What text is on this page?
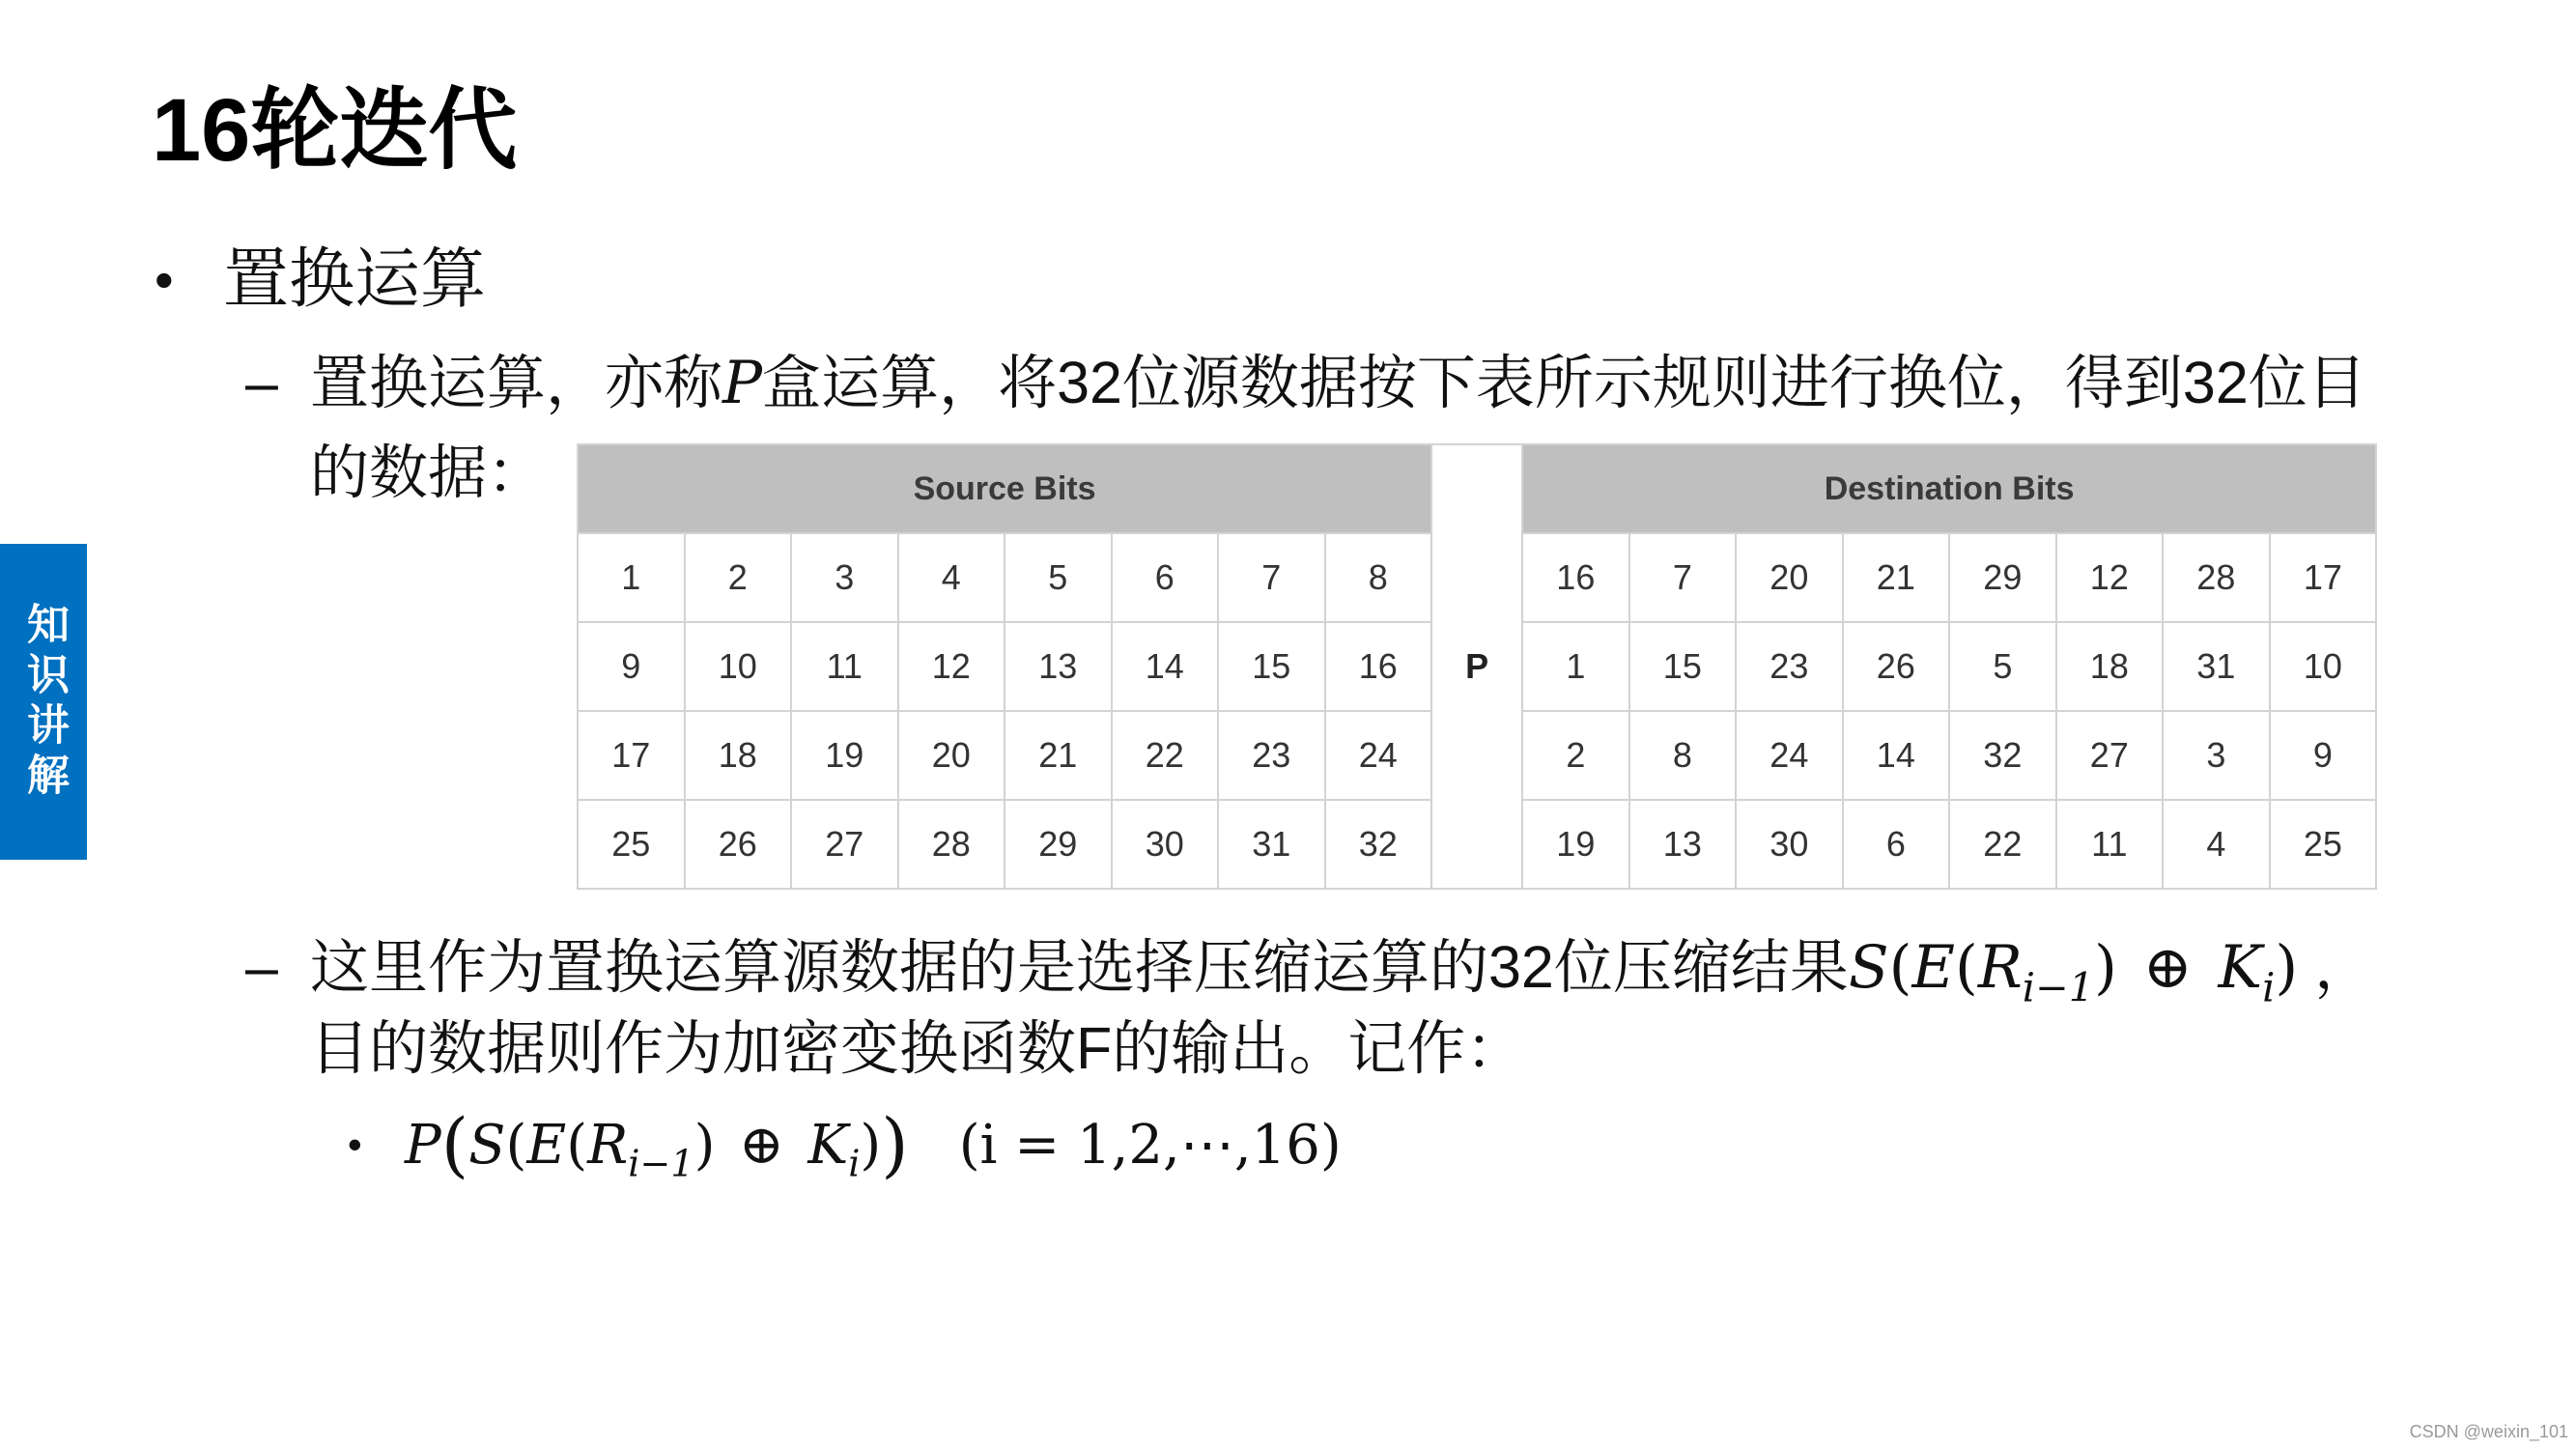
16轮迭代
• 置换运算
– 置换运算，亦称P盒运算，将32位源数据按下表所示规则进行换位，得到32位目
的数据：	Source Bits									Destination Bits							
1	2	3	4	5	6	7	8		16	7	20	21	29	12	28	17
9	10	11	12	13	14	15	16	P	1	15	23	26	5	18	31	10
17	18	19	20	21	22	23	24		2	8	24	14	32	27	3	9
25	26	27	28	29	30	31	32		19	13	30	6	22	11	4	25
– 这里作为置换运算源数据的是选择压缩运算的32位压缩结果$S(E(R_{i-1})$ ⊕ $K_i$) ，
目的数据则作为加密变换函数F的输出。记作：
• $P(S(E(R_{i-1})$ ⊕ $K_i$)) (i = 1,2,⋯,16)
知识讲解
CSDN @weixin_101
